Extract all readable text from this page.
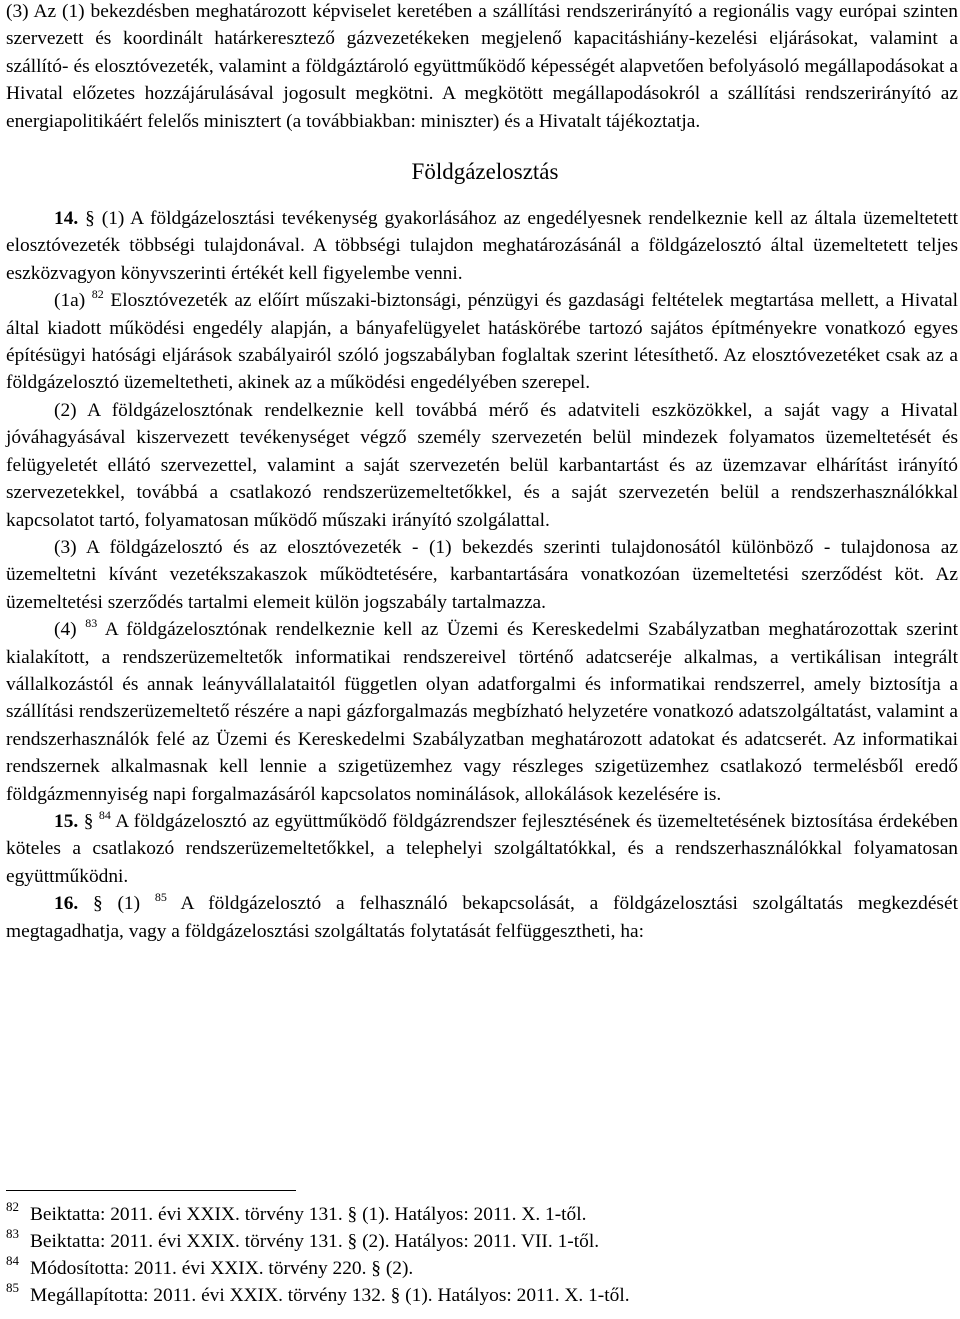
(3) Az (1) bekezdésben meghatározott képviselet keretében a szállítási rendszerirányító a regionális vagy európai szinten szervezett és koordinált határkeresztező gázvezetékeken megjelenő kapacitáshiány-kezelési eljárásokat, valamint a szállító- és elosztóvezeték, valamint a földgáztároló együttműködő képességét alapvetően befolyásoló megállapodásokat a Hivatal előzetes hozzájárulásával jogosult megkötni. A megkötött megállapodásokról a szállítási rendszerirányító az energiapolitikáért felelős minisztert (a továbbiakban: miniszter) és a Hivatalt tájékoztatja.

Földgázelosztás

14. § (1) A földgázelosztási tevékenység gyakorlásához az engedélyesnek rendelkeznie kell az általa üzemeltetett elosztóvezeték többségi tulajdonával. A többségi tulajdon meghatározásánál a földgázelosztó által üzemeltetett teljes eszközvagyon könyvszerinti értékét kell figyelembe venni.

(1a) $^{82}$ Elosztóvezeték az előírt műszaki-biztonsági, pénzügyi és gazdasági feltételek megtartása mellett, a Hivatal által kiadott működési engedély alapján, a bányafelügyelet hatáskörébe tartozó sajátos építményekre vonatkozó egyes építésügyi hatósági eljárások szabályairól szóló jogszabályban foglaltak szerint létesíthető. Az elosztóvezetéket csak az a földgázelosztó üzemeltetheti, akinek az a működési engedélyében szerepel.

(2) A földgázelosztónak rendelkeznie kell továbbá mérő és adatviteli eszközökkel, a saját vagy a Hivatal jóváhagyásával kiszervezett tevékenységet végző személy szervezetén belül mindezek folyamatos üzemeltetését és felügyeletét ellátó szervezettel, valamint a saját szervezetén belül karbantartást és az üzemzavar elhárítást irányító szervezetekkel, továbbá a csatlakozó rendszerüzemeltetőkkel, és a saját szervezetén belül a rendszerhasználókkal kapcsolatot tartó, folyamatosan működő műszaki irányító szolgálattal.

(3) A földgázelosztó és az elosztóvezeték - (1) bekezdés szerinti tulajdonosától különböző - tulajdonosa az üzemeltetni kívánt vezetékszakaszok működtetésére, karbantartására vonatkozóan üzemeltetési szerződést köt. Az üzemeltetési szerződés tartalmi elemeit külön jogszabály tartalmazza.

(4) $^{83}$ A földgázelosztónak rendelkeznie kell az Üzemi és Kereskedelmi Szabályzatban meghatározottak szerint kialakított, a rendszerüzemeltetők informatikai rendszereivel történő adatcseréje alkalmas, a vertikálisan integrált vállalkozástól és annak leányvállalataitól független olyan adatforgalmi és informatikai rendszerrel, amely biztosítja a szállítási rendszerüzemeltető részére a napi gázforgalmazás megbízható helyzetére vonatkozó adatszolgáltatást, valamint a rendszerhasználók felé az Üzemi és Kereskedelmi Szabályzatban meghatározott adatokat és adatcserét. Az informatikai rendszernek alkalmasnak kell lennie a szigetüzemhez vagy részleges szigetüzemhez csatlakozó termelésből eredő földgázmennyiség napi forgalmazásáról kapcsolatos nominálások, allokálások kezelésére is.

15. § $^{84}$ A földgázelosztó az együttműködő földgázrendszer fejlesztésének és üzemeltetésének biztosítása érdekében köteles a csatlakozó rendszerüzemeltetőkkel, a telephelyi szolgáltatókkal, és a rendszerhasználókkal folyamatosan együttműködni.

16. § (1) $^{85}$ A földgázelosztó a felhasználó bekapcsolását, a földgázelosztási szolgáltatás megkezdését megtagadhatja, vagy a földgázelosztási szolgáltatás folytatását felfüggesztheti, ha:

$^{82}$ Beiktatta: 2011. évi XXIX. törvény 131. § (1). Hatályos: 2011. X. 1-től.

$^{83}$ Beiktatta: 2011. évi XXIX. törvény 131. § (2). Hatályos: 2011. VII. 1-től.

$^{84}$ Módosította: 2011. évi XXIX. törvény 220. § (2).

$^{85}$ Megállapította: 2011. évi XXIX. törvény 132. § (1). Hatályos: 2011. X. 1-től.
